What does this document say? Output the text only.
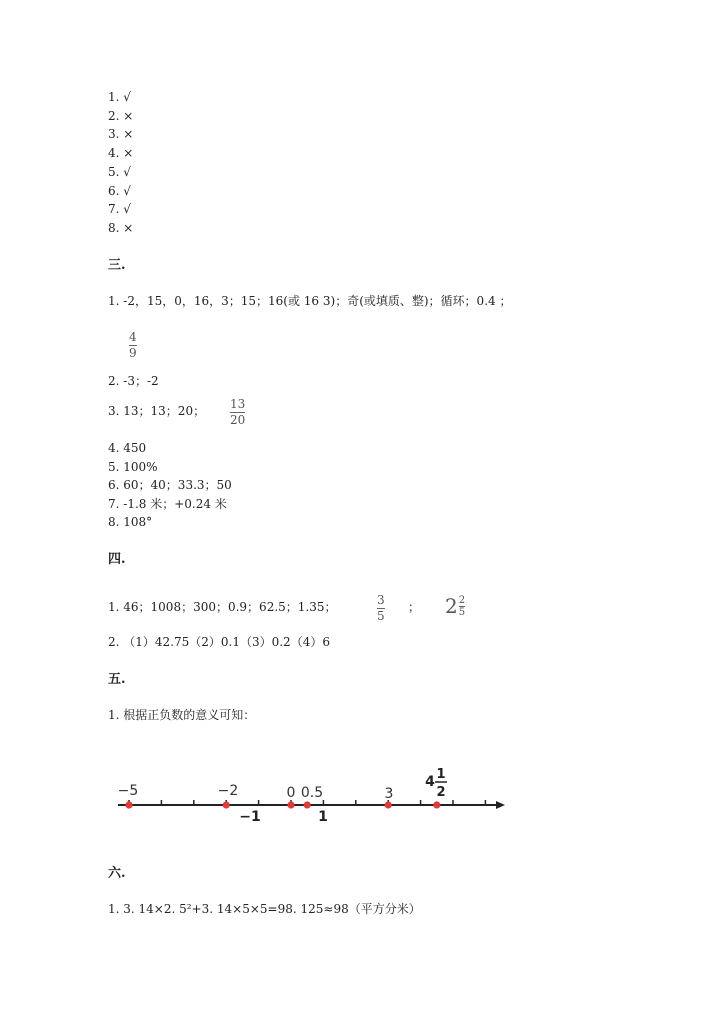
1. √
2. ×
3. ×
4. ×
5. √
6. √
7. √
8. ×
三.
1. -2，15，0，16，3；15；16(或 16 3)；奇(或填质、整)；循环；0.4 ；
4
9
2. -3；-2
3. 13；13；20； 13
20
4. 450
5. 100%
6. 60；40；33.3；50
7. -1.8 米；+0.24 米
8. 108°
四.
1. 46；1008；300；0.9；62.5；1.35；	3
5
； 2 2
5
2. （1）42.75（2）0.1（3）0.2（4）6
五.
1. 根据正负数的意义可知：
−5	−2	0 0.5	3
−1	1
4 1
2
六.
1. 3. 14×2. 5²+3. 14×5×5=98. 125≈98（平方分米）
